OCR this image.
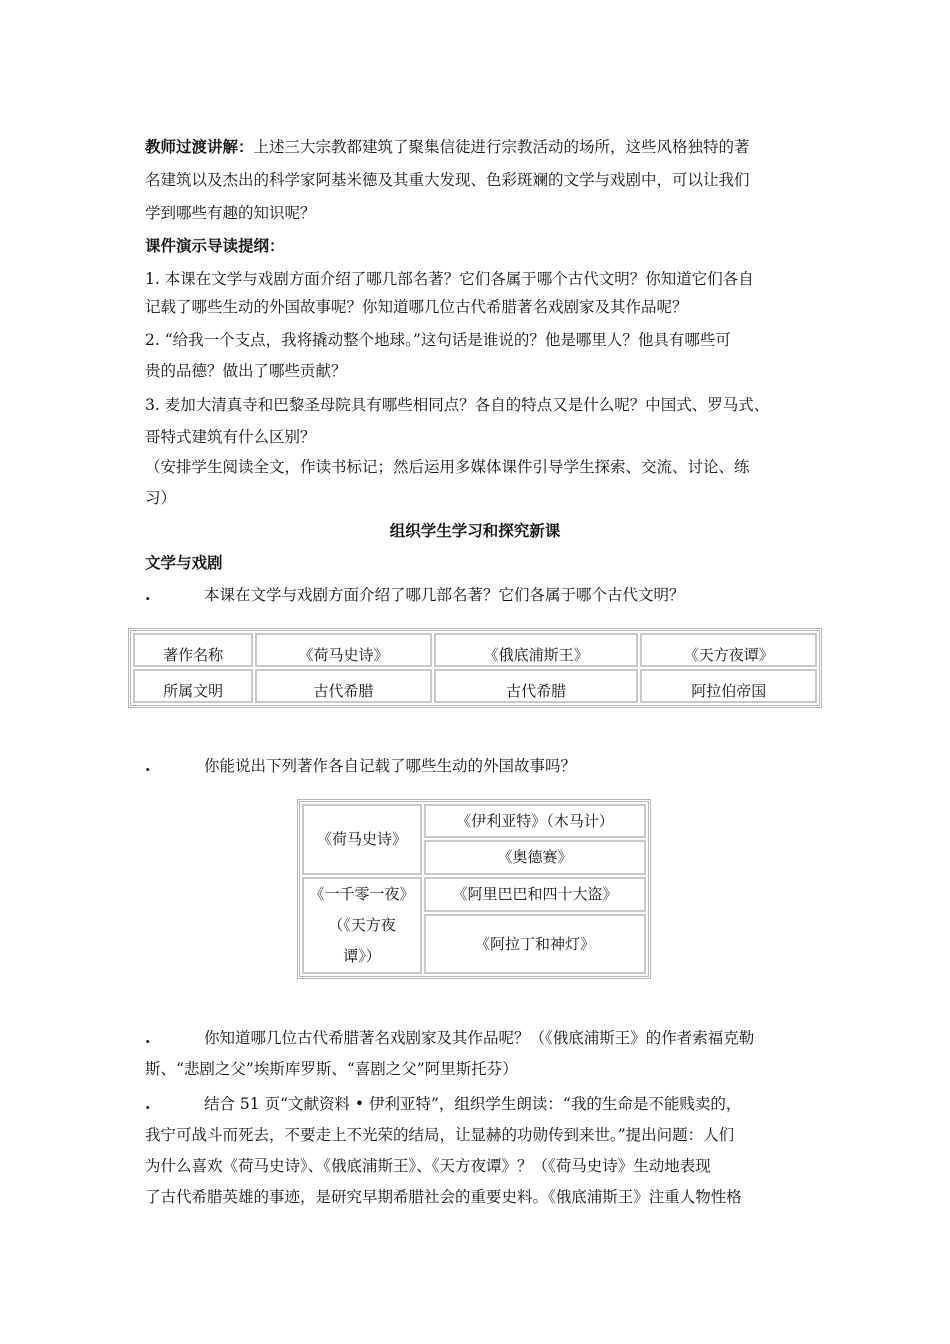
教师过渡讲解：上述三大宗教都建筑了聚集信徒进行宗教活动的场所，这些风格独特的著
名建筑以及杰出的科学家阿基米德及其重大发现、色彩斑斓的文学与戏剧中，可以让我们
学到哪些有趣的知识呢？
课件演示导读提纲：
1. 本课在文学与戏剧方面介绍了哪几部名著？它们各属于哪个古代文明？你知道它们各自
记载了哪些生动的外国故事呢？你知道哪几位古代希腊著名戏剧家及其作品呢？
2. “给我一个支点，我将撬动整个地球。”这句话是谁说的？他是哪里人？他具有哪些可
贵的品德？做出了哪些贡献？
3. 麦加大清真寺和巴黎圣母院具有哪些相同点？各自的特点又是什么呢？中国式、罗马式、
哥特式建筑有什么区别？
（安排学生阅读全文，作读书标记；然后运用多媒体课件引导学生探索、交流、讨论、练
习）
组织学生学习和探究新课
文学与戏剧
.	本课在文学与戏剧方面介绍了哪几部名著？它们各属于哪个古代文明？
著作名称	《荷马史诗》	《俄底浦斯王》	《天方夜谭》
所属文明	古代希腊	古代希腊	阿拉伯帝国
.	你能说出下列著作各自记载了哪些生动的外国故事吗？
《荷马史诗》	《伊利亚特》（木马计）
	《奥德赛》

《一千零一夜》
（《天方夜
谭》）	《阿里巴巴和四十大盗》
	《阿拉丁和神灯》
.	你知道哪几位古代希腊著名戏剧家及其作品呢？（《俄底浦斯王》的作者索福克勒
斯、“悲剧之父”埃斯库罗斯、“喜剧之父”阿里斯托芬）
.	结合 51 页“文献资料 • 伊利亚特”，组织学生朗读：“我的生命是不能贱卖的，
我宁可战斗而死去，不要走上不光荣的结局，让显赫的功勋传到来世。”提出问题：人们
为什么喜欢《荷马史诗》、《俄底浦斯王》、《天方夜谭》？（《荷马史诗》生动地表现
了古代希腊英雄的事迹，是研究早期希腊社会的重要史料。《俄底浦斯王》注重人物性格
